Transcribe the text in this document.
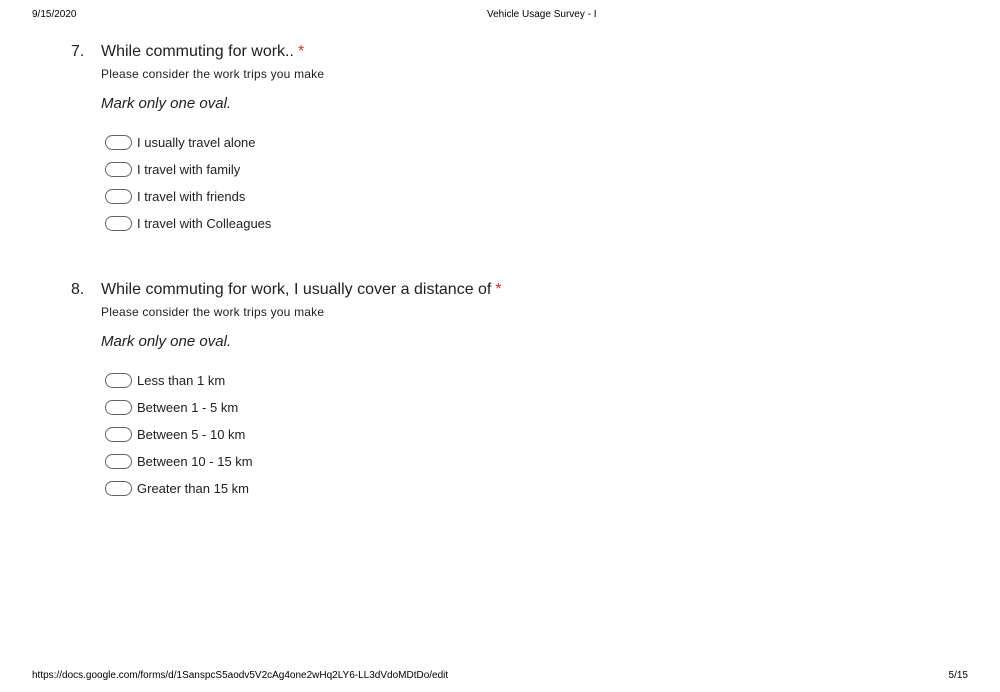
9/15/2020	Vehicle Usage Survey - I
7. While commuting for work.. *
Please consider the work trips you make
Mark only one oval.
I usually travel alone
I travel with family
I travel with friends
I travel with Colleagues
8. While commuting for work, I usually cover a distance of *
Please consider the work trips you make
Mark only one oval.
Less than 1 km
Between 1 - 5 km
Between 5 - 10 km
Between 10 - 15 km
Greater than 15 km
https://docs.google.com/forms/d/1SanspcS5aodv5V2cAg4one2wHq2LY6-LL3dVdoMDtDo/edit	5/15
